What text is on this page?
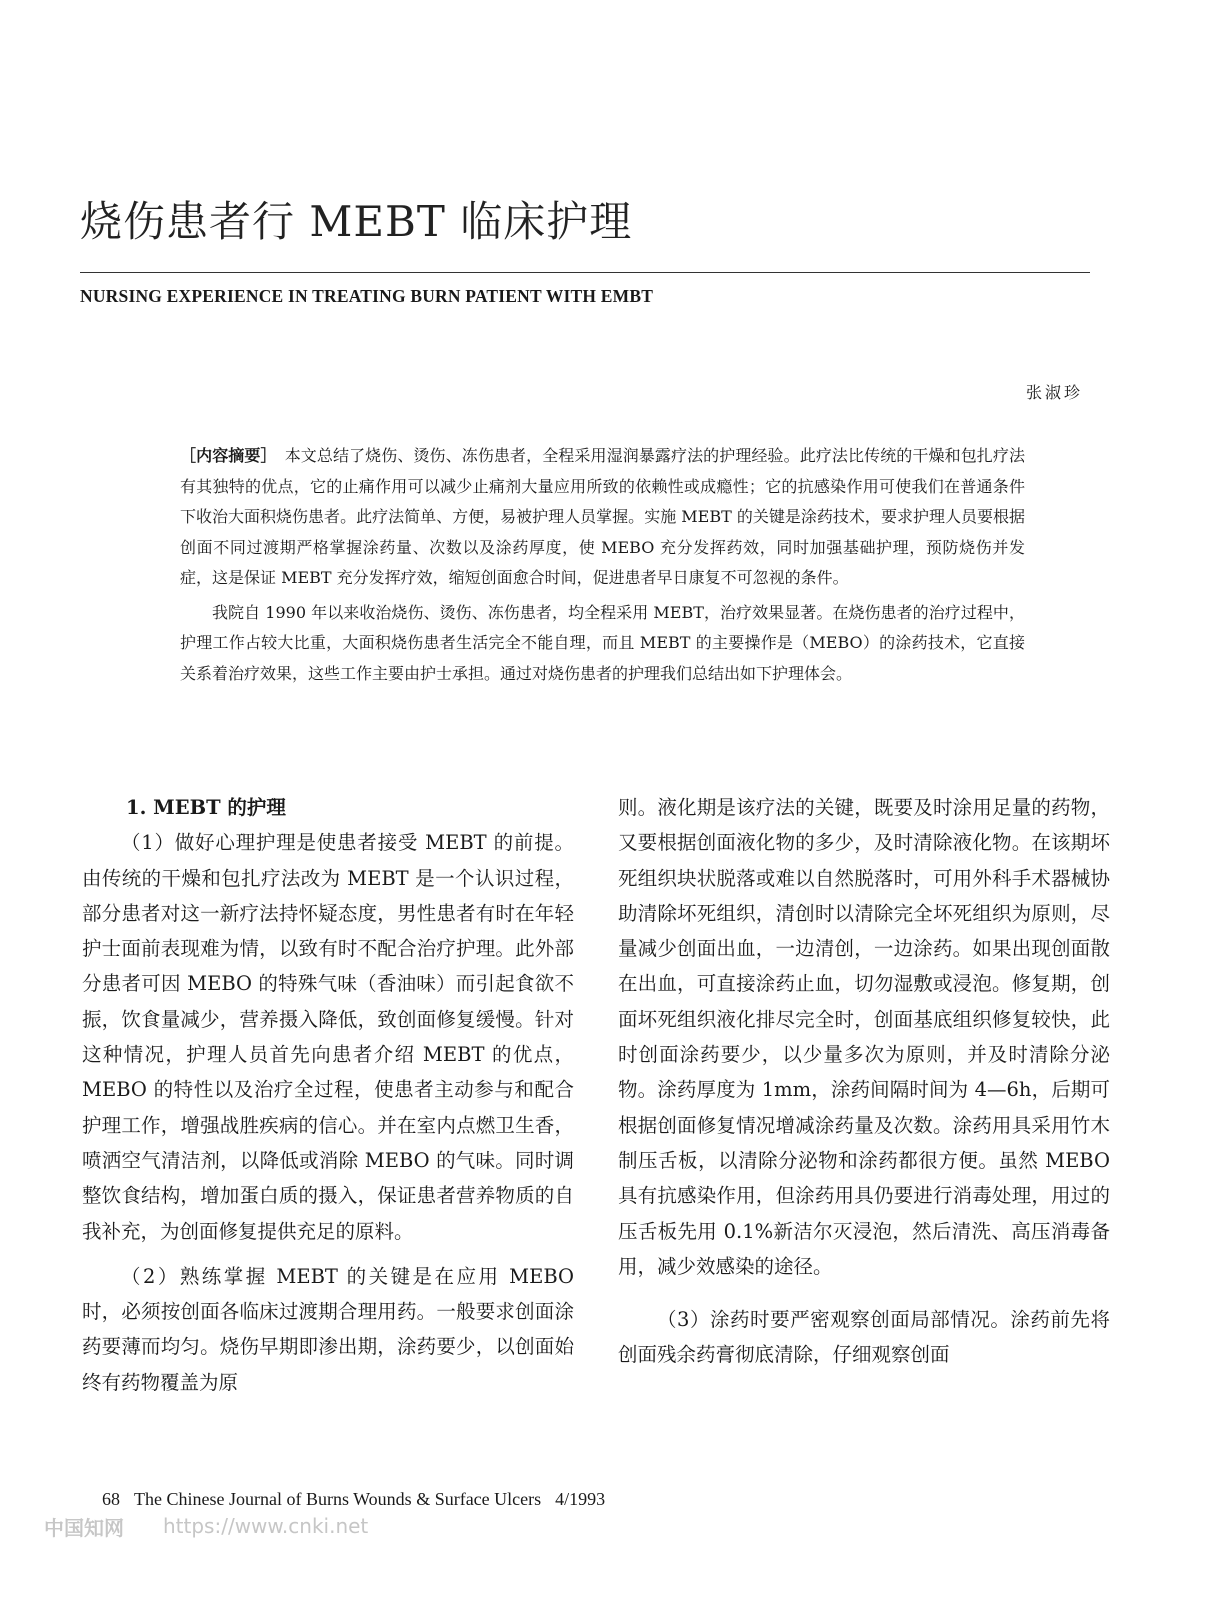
烧伤患者行 MEBT 临床护理
NURSING EXPERIENCE IN TREATING BURN PATIENT WITH EMBT
张淑珍

［内容摘要］　 本文总结了烧伤、烫伤、冻伤患者，全程采用湿润暴露疗法的护理经验。此疗法比传统的干燥和包扎疗法有其独特的优点，它的止痛作用可以减少止痛剂大量应用所致的依赖性或成瘾性；它的抗感染作用可使我们在普通条件下收治大面积烧伤患者。此疗法简单、方便，易被护理人员掌握。实施 MEBT 的关键是涂药技术，要求护理人员要根据创面不同过渡期严格掌握涂药量、次数以及涂药厚度，使 MEBO 充分发挥药效，同时加强基础护理，预防烧伤并发症，这是保证 MEBT 充分发挥疗效，缩短创面愈合时间，促进患者早日康复不可忽视的条件。

我院自 1990 年以来收治烧伤、烫伤、冻伤患者，均全程采用 MEBT，治疗效果显著。在烧伤患者的治疗过程中，护理工作占较大比重，大面积烧伤患者生活完全不能自理，而且 MEBT 的主要操作是（MEBO）的涂药技术，它直接关系着治疗效果，这些工作主要由护士承担。通过对烧伤患者的护理我们总结出如下护理体会。

1. MEBT 的护理

（1）做好心理护理是使患者接受 MEBT 的前提。由传统的干燥和包扎疗法改为 MEBT 是一个认识过程，部分患者对这一新疗法持怀疑态度，男性患者有时在年轻护士面前表现难为情，以致有时不配合治疗护理。此外部分患者可因 MEBO 的特殊气味（香油味）而引起食欲不振，饮食量减少，营养摄入降低，致创面修复缓慢。针对这种情况，护理人员首先向患者介绍 MEBT 的优点，MEBO 的特性以及治疗全过程，使患者主动参与和配合护理工作，增强战胜疾病的信心。并在室内点燃卫生香，喷洒空气清洁剂，以降低或消除 MEBO 的气味。同时调整饮食结构，增加蛋白质的摄入，保证患者营养物质的自我补充，为创面修复提供充足的原料。

（2）熟练掌握 MEBT 的关键是在应用 MEBO 时，必须按创面各临床过渡期合理用药。一般要求创面涂药要薄而均匀。烧伤早期即渗出期，涂药要少，以创面始终有药物覆盖为原

则。液化期是该疗法的关键，既要及时涂用足量的药物，又要根据创面液化物的多少，及时清除液化物。在该期坏死组织块状脱落或难以自然脱落时，可用外科手术器械协助清除坏死组织，清创时以清除完全坏死组织为原则，尽量减少创面出血，一边清创，一边涂药。如果出现创面散在出血，可直接涂药止血，切勿湿敷或浸泡。修复期，创面坏死组织液化排尽完全时，创面基底组织修复较快，此时创面涂药要少，以少量多次为原则，并及时清除分泌物。涂药厚度为 1mm，涂药间隔时间为 4—6h，后期可根据创面修复情况增减涂药量及次数。涂药用具采用竹木制压舌板，以清除分泌物和涂药都很方便。虽然 MEBO 具有抗感染作用，但涂药用具仍要进行消毒处理，用过的压舌板先用 0.1%新洁尔灭浸泡，然后清洗、高压消毒备用，减少效感染的途径。

（3）涂药时要严密观察创面局部情况。涂药前先将创面残余药膏彻底清除，仔细观察创面

68 The Chinese Journal of Burns Wounds & Surface Ulcers 4/1993
中国知网 https://www.cnki.net
